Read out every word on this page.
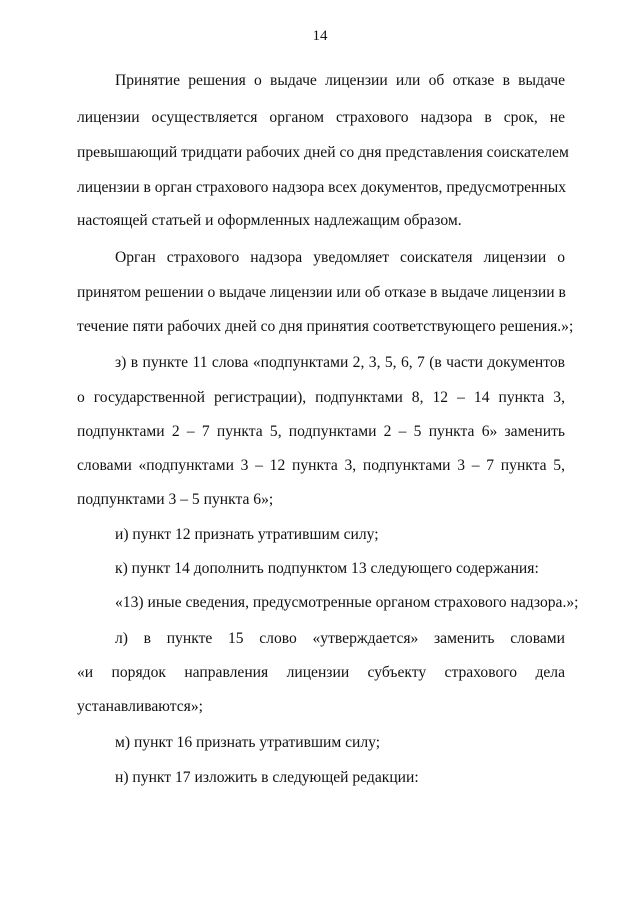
14
Принятие решения о выдаче лицензии или об отказе в выдаче
лицензии осуществляется органом страхового надзора в срок, не
превышающий тридцати рабочих дней со дня представления соискателем
лицензии в орган страхового надзора всех документов, предусмотренных
настоящей статьей и оформленных надлежащим образом.
Орган страхового надзора уведомляет соискателя лицензии о
принятом решении о выдаче лицензии или об отказе в выдаче лицензии в
течение пяти рабочих дней со дня принятия соответствующего решения.»;
з) в пункте 11 слова «подпунктами 2, 3, 5, 6, 7 (в части документов
о государственной регистрации), подпунктами 8, 12 – 14 пункта 3,
подпунктами 2 – 7 пункта 5, подпунктами 2 – 5 пункта 6» заменить
словами «подпунктами 3 – 12 пункта 3, подпунктами 3 – 7 пункта 5,
подпунктами 3 – 5 пункта 6»;
и) пункт 12 признать утратившим силу;
к) пункт 14 дополнить подпунктом 13 следующего содержания:
«13) иные сведения, предусмотренные органом страхового надзора.»;
л) в пункте 15 слово «утверждается» заменить словами
«и порядок направления лицензии субъекту страхового дела
устанавливаются»;
м) пункт 16 признать утратившим силу;
н) пункт 17 изложить в следующей редакции:
